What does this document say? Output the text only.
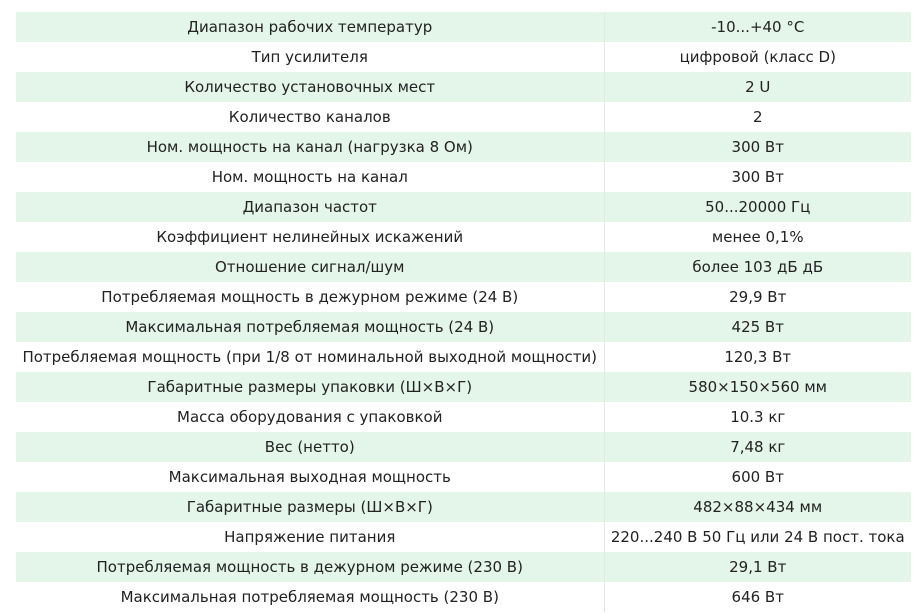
Диапазон рабочих температур	-10...+40 °C
Тип усилителя	цифровой (класс D)
Количество установочных мест	2 U
Количество каналов	2
Ном. мощность на канал (нагрузка 8 Ом)	300 Вт
Ном. мощность на канал	300 Вт
Диапазон частот	50...20000 Гц
Коэффициент нелинейных искажений	менее 0,1%
Отношение сигнал/шум	более 103 дБ дБ
Потребляемая мощность в дежурном режиме (24 В)	29,9 Вт
Максимальная потребляемая мощность (24 В)	425 Вт
Потребляемая мощность (при 1/8 от номинальной выходной мощности)	120,3 Вт
Габаритные размеры упаковки (Ш×В×Г)	580×150×560 мм
Масса оборудования с упаковкой	10.3 кг
Вес (нетто)	7,48 кг
Максимальная выходная мощность	600 Вт
Габаритные размеры (Ш×В×Г)	482×88×434 мм
Напряжение питания	220...240 В 50 Гц или 24 В пост. тока
Потребляемая мощность в дежурном режиме (230 В)	29,1 Вт
Максимальная потребляемая мощность (230 В)	646 Вт
